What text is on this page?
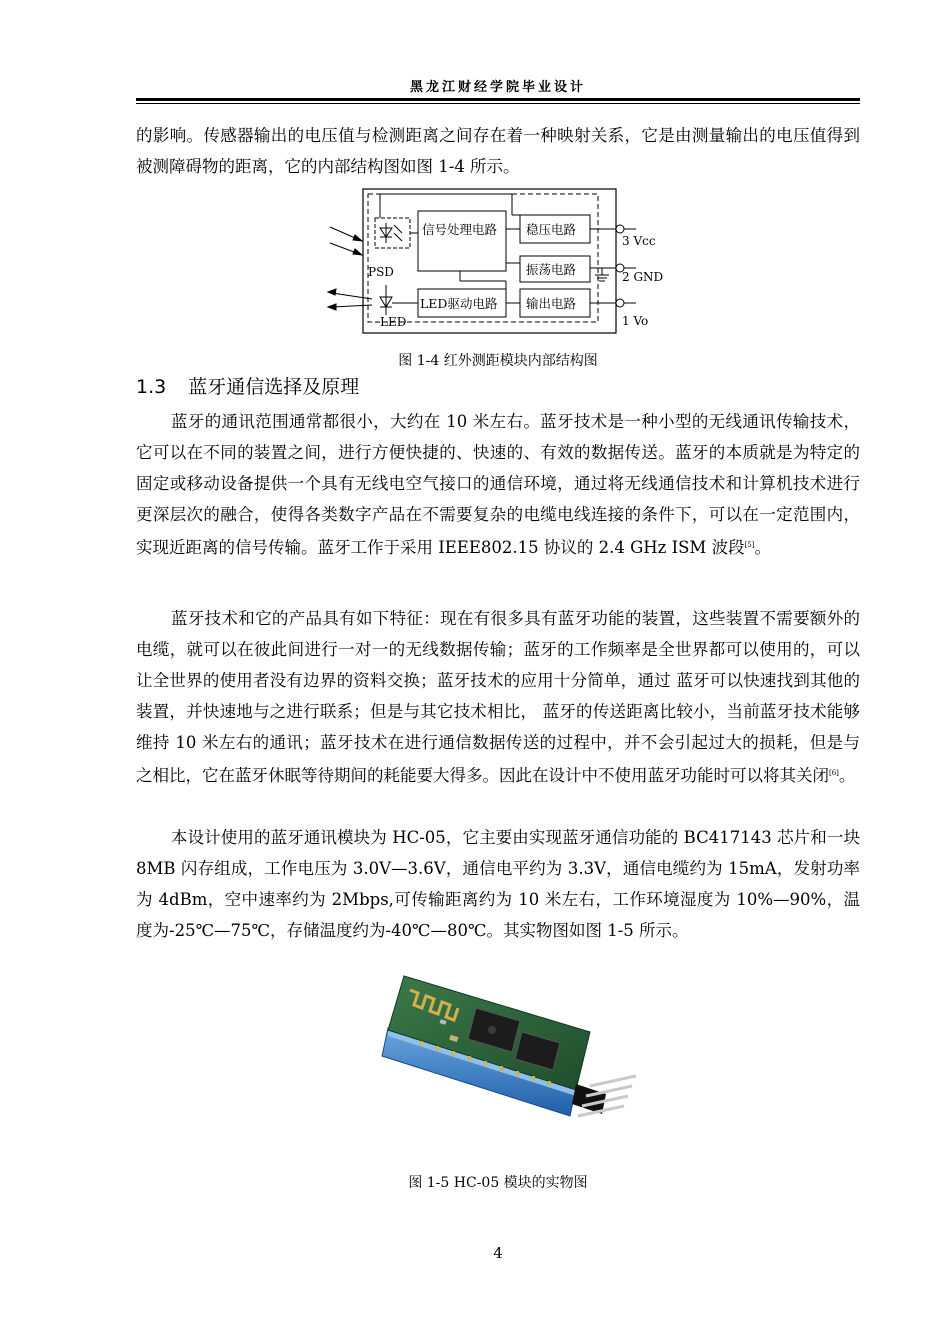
黑龙江财经学院毕业设计

的影响。传感器输出的电压值与检测距离之间存在着一种映射关系，它是由测量输出的电压值得到被测障碍物的距离，它的内部结构图如图 1-4 所示。

PSD
LED
信号处理电路 稳压电路
振荡电路
LED驱动电路 输出电路
3 Vcc
2 GND
1 Vo
图 1-4 红外测距模块内部结构图
1.3 蓝牙通信选择及原理

蓝牙的通讯范围通常都很小，大约在 10 米左右。蓝牙技术是一种小型的无线通讯传输技术，它可以在不同的装置之间，进行方便快捷的、快速的、有效的数据传送。蓝牙的本质就是为特定的固定或移动设备提供一个具有无线电空气接口的通信环境，通过将无线通信技术和计算机技术进行更深层次的融合，使得各类数字产品在不需要复杂的电缆电线连接的条件下，可以在一定范围内，实现近距离的信号传输。蓝牙工作于采用 IEEE802.15 协议的 2.4 GHz ISM 波段[5]。

蓝牙技术和它的产品具有如下特征：现在有很多具有蓝牙功能的装置，这些装置不需要额外的电缆，就可以在彼此间进行一对一的无线数据传输；蓝牙的工作频率是全世界都可以使用的，可以让全世界的使用者没有边界的资料交换；蓝牙技术的应用十分简单，通过 蓝牙可以快速找到其他的装置，并快速地与之进行联系；但是与其它技术相比， 蓝牙的传送距离比较小，当前蓝牙技术能够维持 10 米左右的通讯；蓝牙技术在进行通信数据传送的过程中，并不会引起过大的损耗，但是与之相比，它在蓝牙休眠等待期间的耗能要大得多。因此在设计中不使用蓝牙功能时可以将其关闭[6]。

本设计使用的蓝牙通讯模块为 HC-05，它主要由实现蓝牙通信功能的 BC417143 芯片和一块 8MB 闪存组成，工作电压为 3.0V—3.6V，通信电平约为 3.3V，通信电缆约为 15mA，发射功率为 4dBm，空中速率约为 2Mbps,可传输距离约为 10 米左右，工作环境湿度为 10%—90%，温度为-25℃—75℃，存储温度约为-40℃—80℃。其实物图如图 1-5 所示。

图 1-5 HC-05 模块的实物图
4
